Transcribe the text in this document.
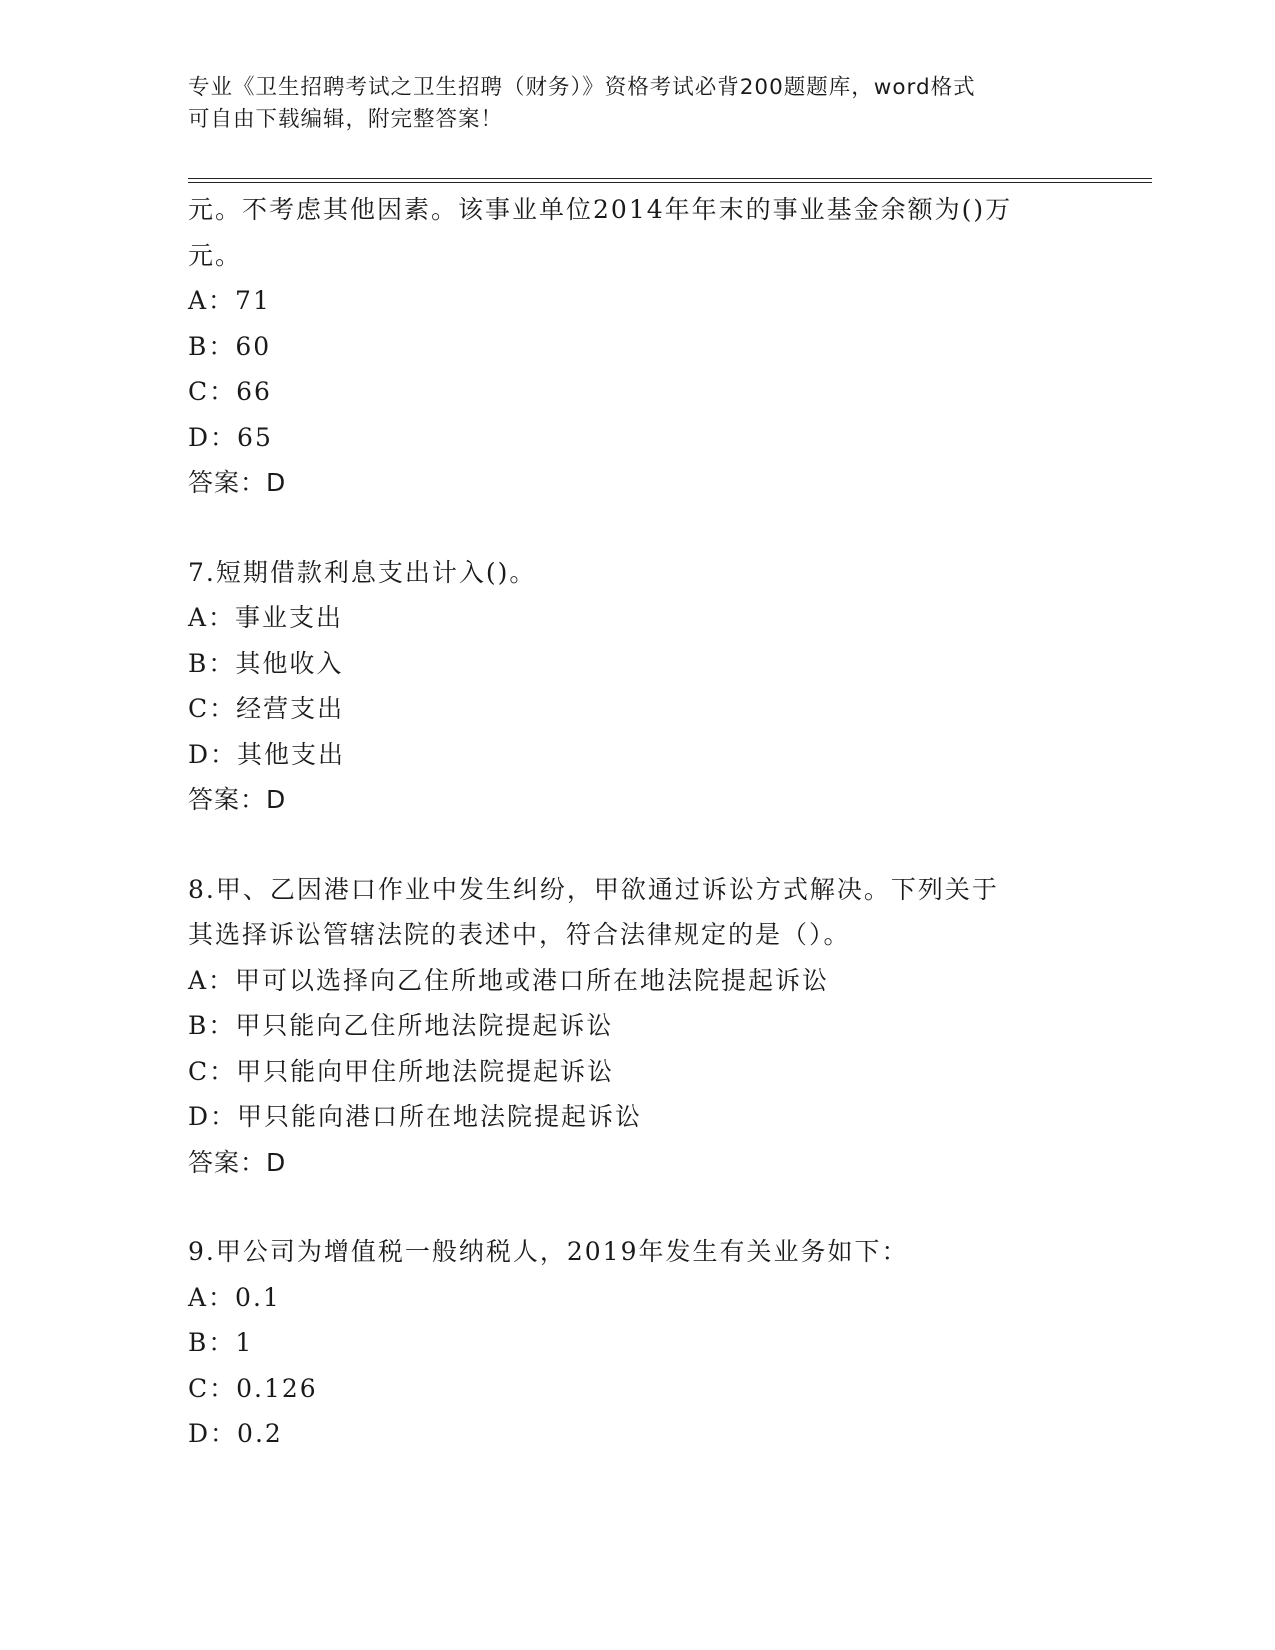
专业《卫生招聘考试之卫生招聘（财务）》资格考试必背200题题库，word格式
可自由下载编辑，附完整答案！
元。不考虑其他因素。该事业单位2014年年末的事业基金余额为()万
元。
A：71
B：60
C：66
D：65
答案：D
7.短期借款利息支出计入()。
A：事业支出
B：其他收入
C：经营支出
D：其他支出
答案：D
8.甲、乙因港口作业中发生纠纷，甲欲通过诉讼方式解决。下列关于
其选择诉讼管辖法院的表述中，符合法律规定的是（）。
A：甲可以选择向乙住所地或港口所在地法院提起诉讼
B：甲只能向乙住所地法院提起诉讼
C：甲只能向甲住所地法院提起诉讼
D：甲只能向港口所在地法院提起诉讼
答案：D
9.甲公司为增值税一般纳税人，2019年发生有关业务如下：
A：0.1
B：1
C：0.126
D：0.2
